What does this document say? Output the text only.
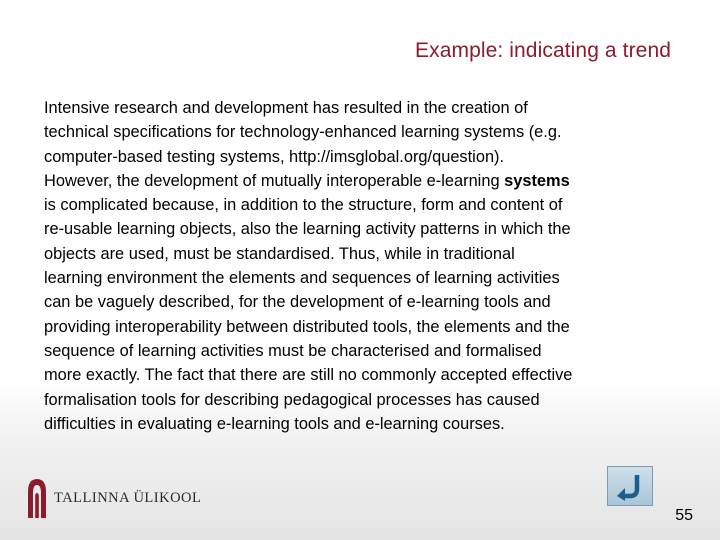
Example: indicating a trend
Intensive research and development has resulted in the creation of
technical specifications for technology-enhanced learning systems (e.g.
computer-based testing systems, http://imsglobal.org/question).
However, the development of mutually interoperable e-learning systems
is complicated because, in addition to the structure, form and content of
re-usable learning objects, also the learning activity patterns in which the
objects are used, must be standardised. Thus, while in traditional
learning environment the elements and sequences of learning activities
can be vaguely described, for the development of e-learning tools and
providing interoperability between distributed tools, the elements and the
sequence of learning activities must be characterised and formalised
more exactly. The fact that there are still no commonly accepted effective
formalisation tools for describing pedagogical processes has caused
difficulties in evaluating e-learning tools and e-learning courses.
TALLINNA ÜLIKOOL
55
